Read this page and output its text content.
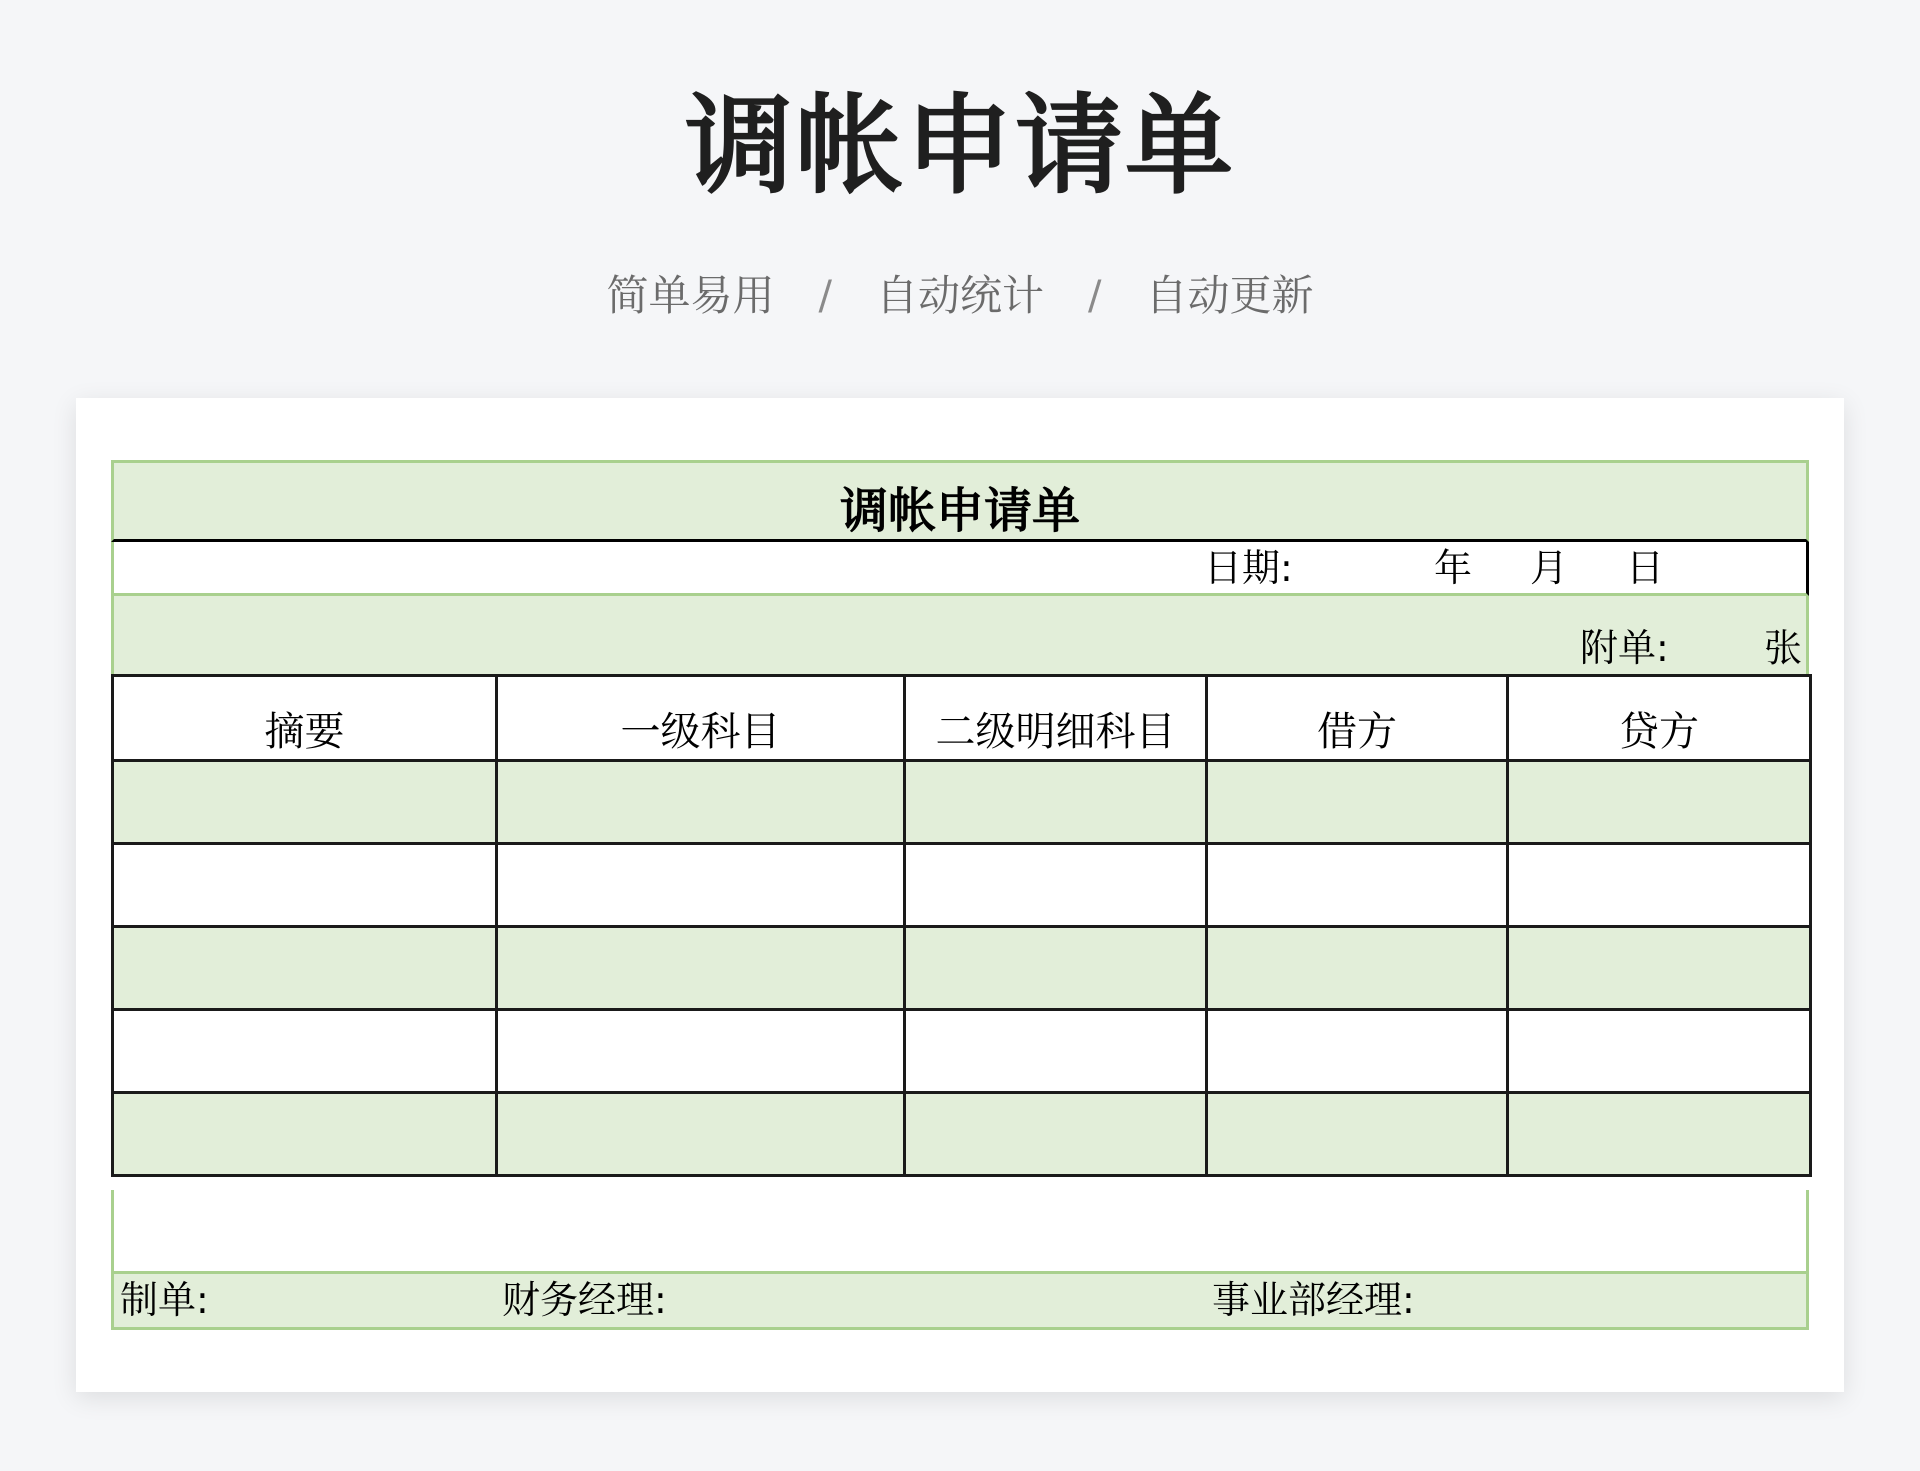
调帐申请单
简单易用 / 自动统计 / 自动更新
调帐申请单
日期:	年 月 日
附单:	张
摘要	一级科目	二级明细科目	借方	贷方

制单:	财务经理:	事业部经理:
